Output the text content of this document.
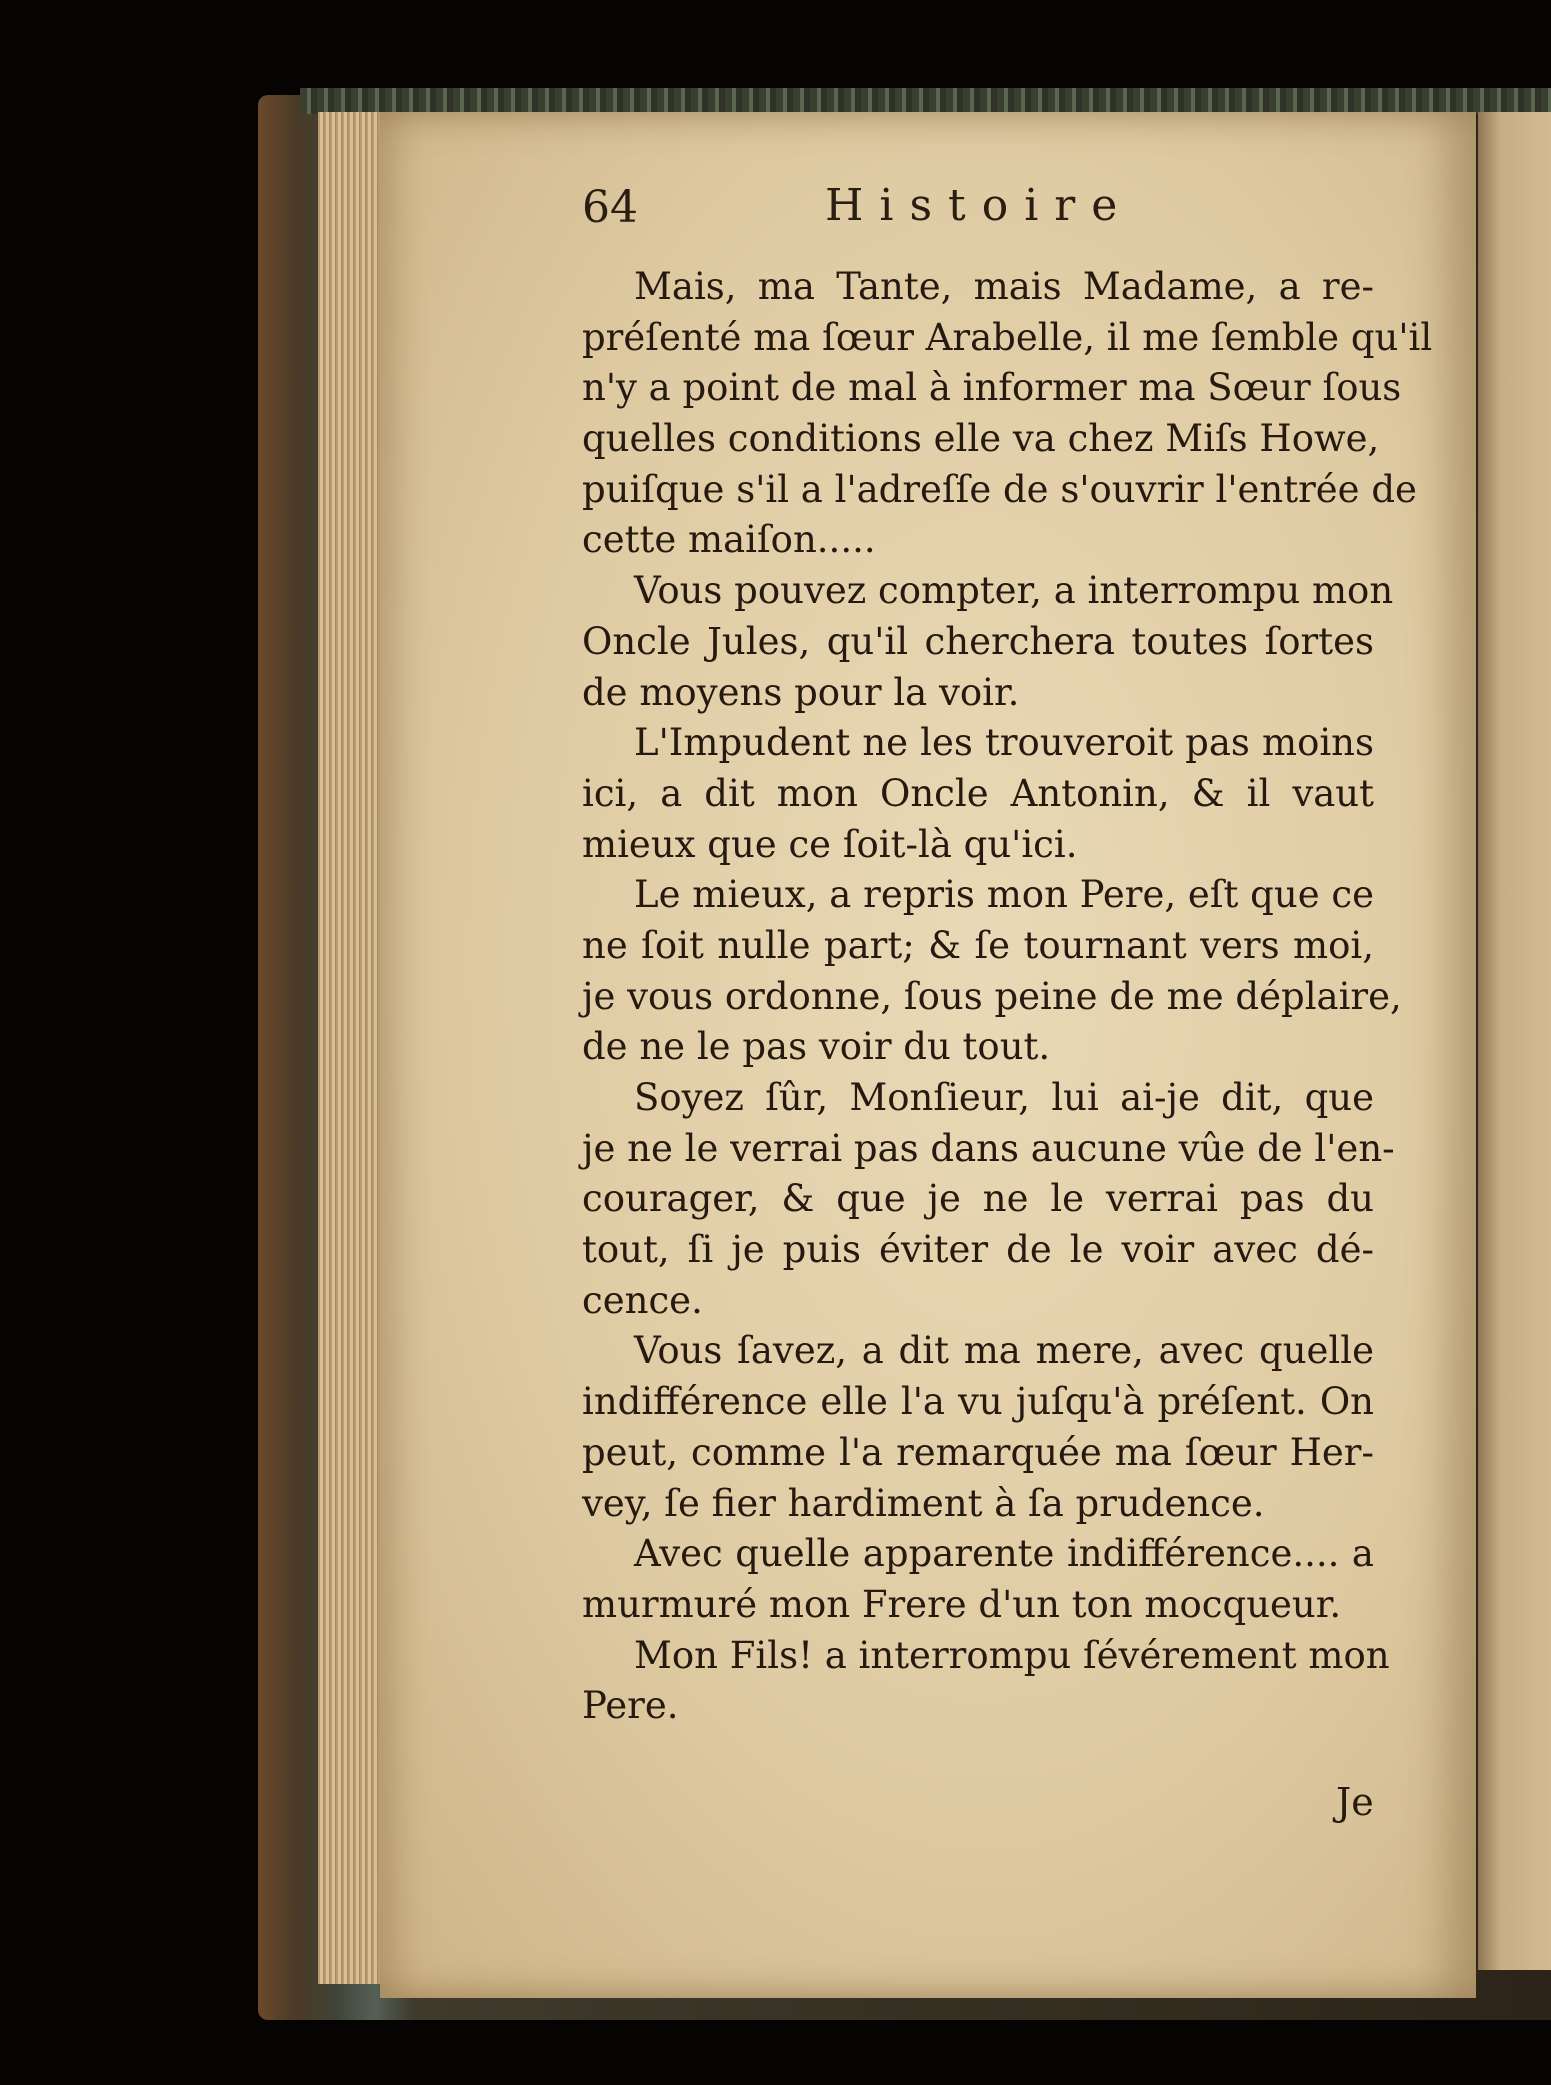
64	Histoire
Mais, ma Tante, mais Madame, a re-
préſenté ma ſœur Arabelle, il me ſemble qu'il
n'y a point de mal à informer ma Sœur ſous
quelles conditions elle va chez Miſs Howe,
puiſque s'il a l'adreſſe de s'ouvrir l'entrée de
cette maiſon.....
Vous pouvez compter, a interrompu mon
Oncle Jules, qu'il cherchera toutes ſortes
de moyens pour la voir.
L'Impudent ne les trouveroit pas moins
ici, a dit mon Oncle Antonin, & il vaut
mieux que ce ſoit-là qu'ici.
Le mieux, a repris mon Pere, eſt que ce
ne ſoit nulle part; & ſe tournant vers moi,
je vous ordonne, ſous peine de me déplaire,
de ne le pas voir du tout.
Soyez ſûr, Monſieur, lui ai-je dit, que
je ne le verrai pas dans aucune vûe de l'en-
courager, & que je ne le verrai pas du
tout, ſi je puis éviter de le voir avec dé-
cence.
Vous ſavez, a dit ma mere, avec quelle
indifférence elle l'a vu juſqu'à préſent. On
peut, comme l'a remarquée ma ſœur Her-
vey, ſe fier hardiment à ſa prudence.
Avec quelle apparente indifférence.... a
murmuré mon Frere d'un ton mocqueur.
Mon Fils! a interrompu ſévérement mon
Pere.
Je
